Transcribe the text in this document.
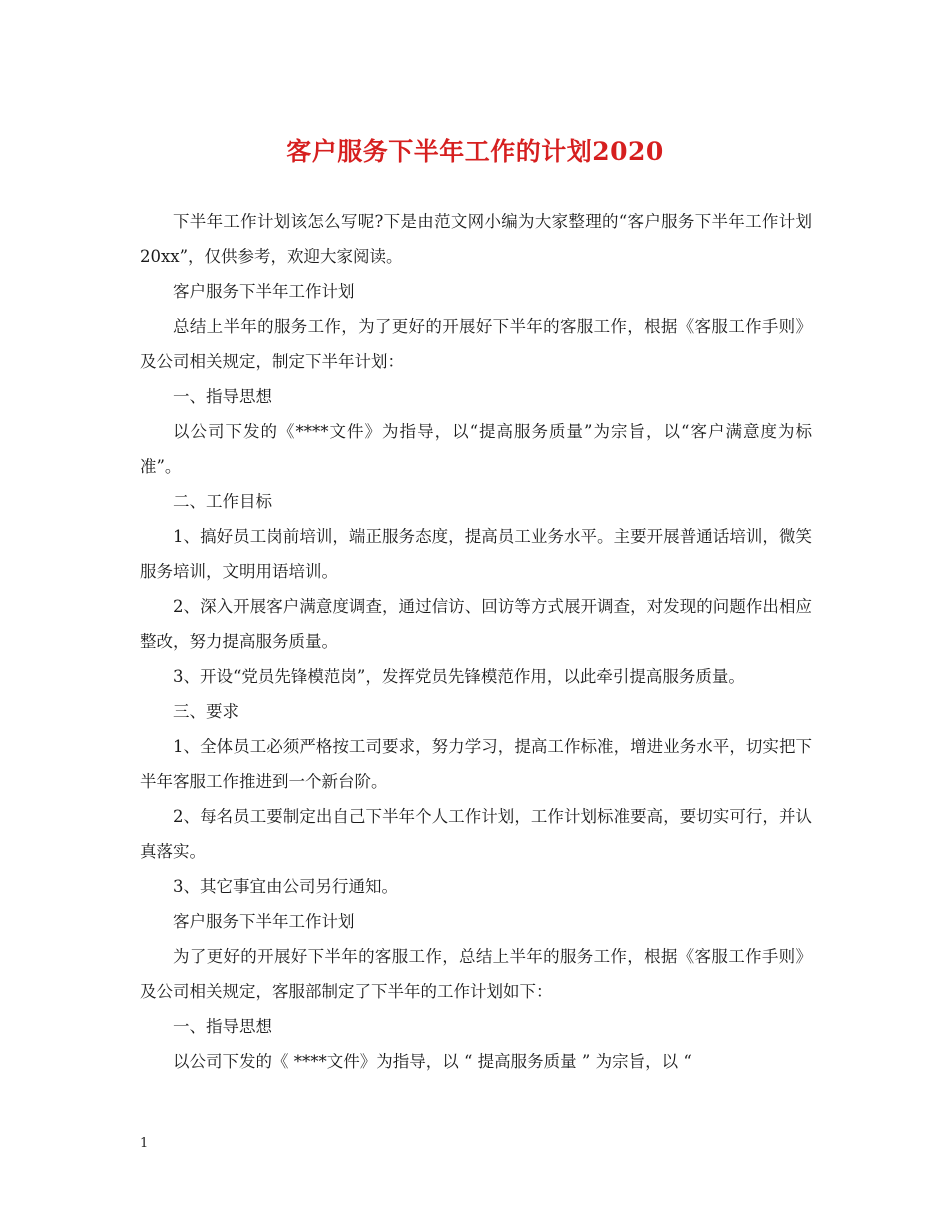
客户服务下半年工作的计划2020

下半年工作计划该怎么写呢?下是由范文网小编为大家整理的“客户服务下半年工作计划20xx”，仅供参考，欢迎大家阅读。

客户服务下半年工作计划

总结上半年的服务工作，为了更好的开展好下半年的客服工作，根据《客服工作手则》及公司相关规定，制定下半年计划：

一、指导思想

以公司下发的《****文件》为指导，以“提高服务质量”为宗旨，以“客户满意度为标准”。

二、工作目标

1、搞好员工岗前培训，端正服务态度，提高员工业务水平。主要开展普通话培训，微笑服务培训，文明用语培训。

2、深入开展客户满意度调查，通过信访、回访等方式展开调查，对发现的问题作出相应整改，努力提高服务质量。

3、开设“党员先锋模范岗”，发挥党员先锋模范作用，以此牵引提高服务质量。

三、要求

1、全体员工必须严格按工司要求，努力学习，提高工作标准，增进业务水平，切实把下半年客服工作推进到一个新台阶。

2、每名员工要制定出自己下半年个人工作计划，工作计划标准要高，要切实可行，并认真落实。

3、其它事宜由公司另行通知。

客户服务下半年工作计划

为了更好的开展好下半年的客服工作，总结上半年的服务工作，根据《客服工作手则》及公司相关规定，客服部制定了下半年的工作计划如下：

一、指导思想

以公司下发的《 ****文件》为指导，以 “ 提高服务质量 ” 为宗旨，以 “

1
